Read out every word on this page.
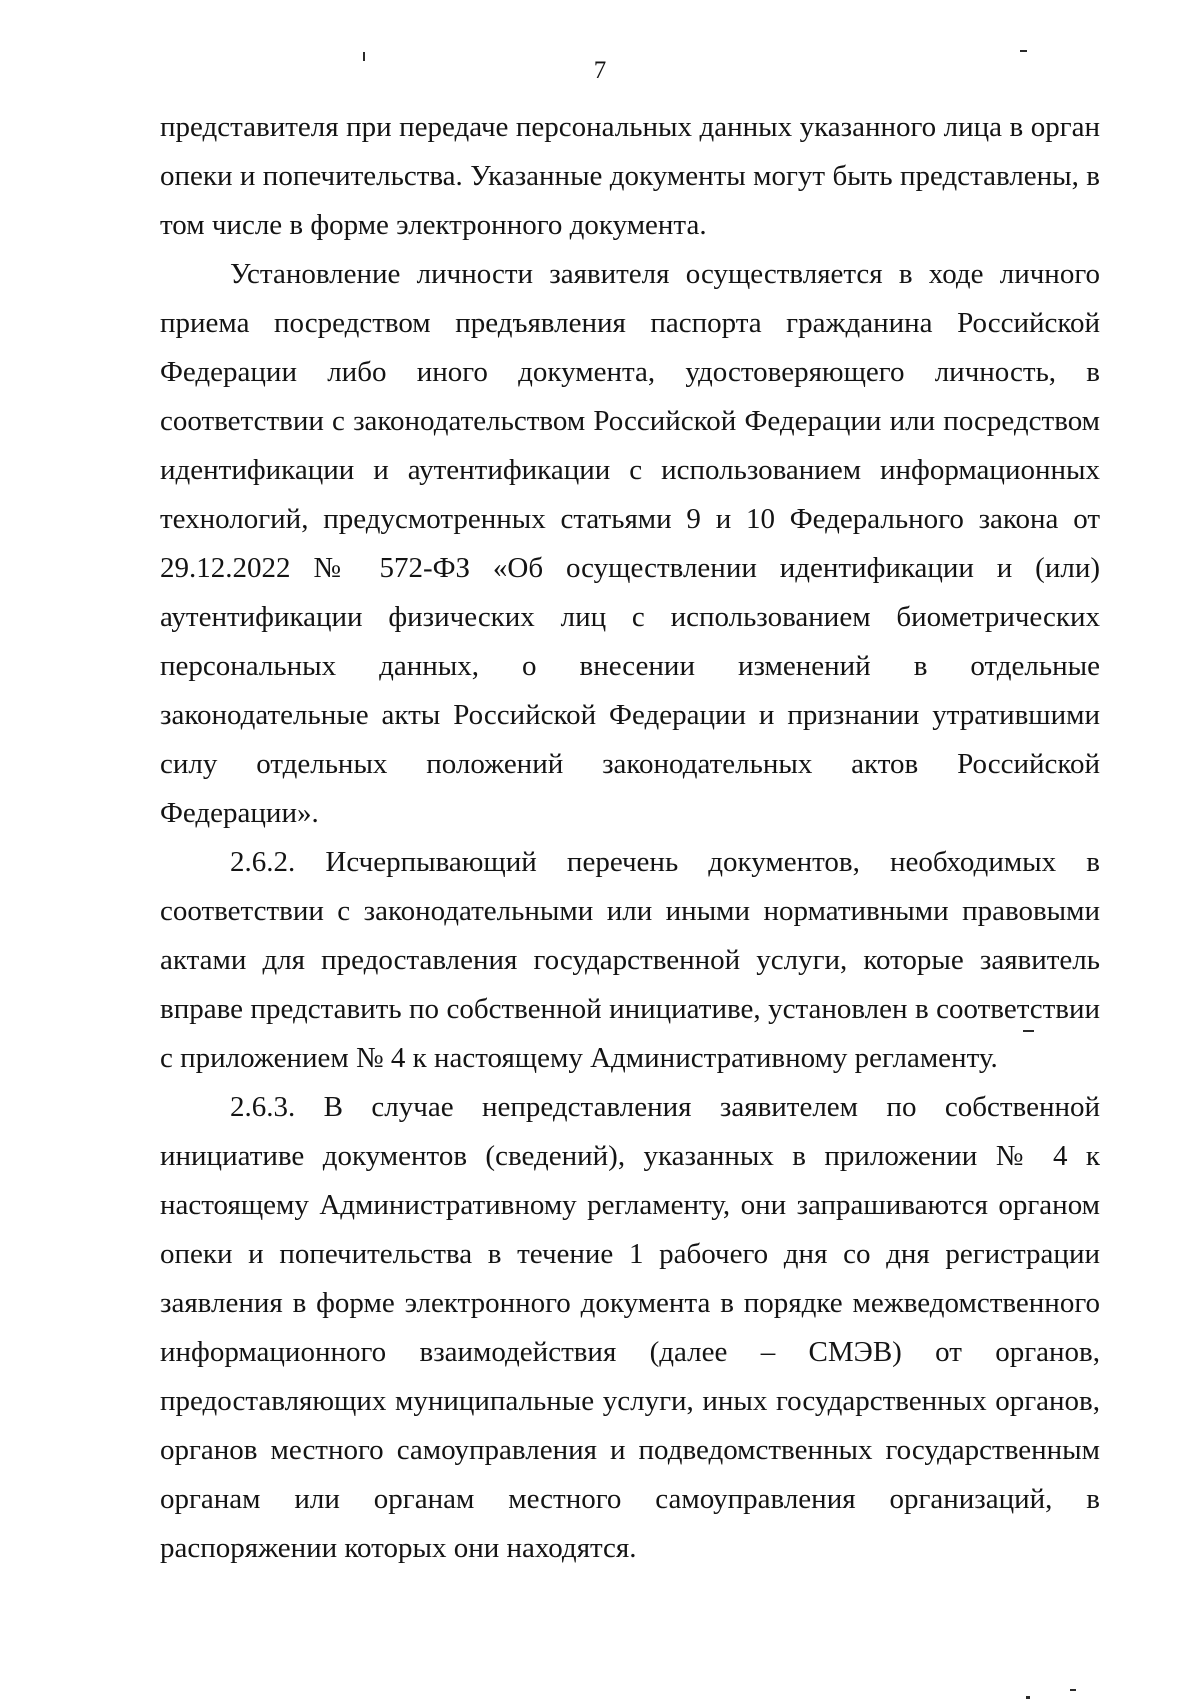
7

представителя при передаче персональных данных указанного лица в орган опеки и попечительства. Указанные документы могут быть представлены, в том числе в форме электронного документа.

Установление личности заявителя осуществляется в ходе личного приема посредством предъявления паспорта гражданина Российской Федерации либо иного документа, удостоверяющего личность, в соответствии с законодательством Российской Федерации или посредством идентификации и аутентификации с использованием информационных технологий, предусмотренных статьями 9 и 10 Федерального закона от 29.12.2022 № 572-ФЗ «Об осуществлении идентификации и (или) аутентификации физических лиц с использованием биометрических персональных данных, о внесении изменений в отдельные законодательные акты Российской Федерации и признании утратившими силу отдельных положений законодательных актов Российской Федерации».

2.6.2. Исчерпывающий перечень документов, необходимых в соответствии с законодательными или иными нормативными правовыми актами для предоставления государственной услуги, которые заявитель вправе представить по собственной инициативе, установлен в соответствии с приложением № 4 к настоящему Административному регламенту.

2.6.3. В случае непредставления заявителем по собственной инициативе документов (сведений), указанных в приложении № 4 к настоящему Административному регламенту, они запрашиваются органом опеки и попечительства в течение 1 рабочего дня со дня регистрации заявления в форме электронного документа в порядке межведомственного информационного взаимодействия (далее – СМЭВ) от органов, предоставляющих муниципальные услуги, иных государственных органов, органов местного самоуправления и подведомственных государственным органам или органам местного самоуправления организаций, в распоряжении которых они находятся.
